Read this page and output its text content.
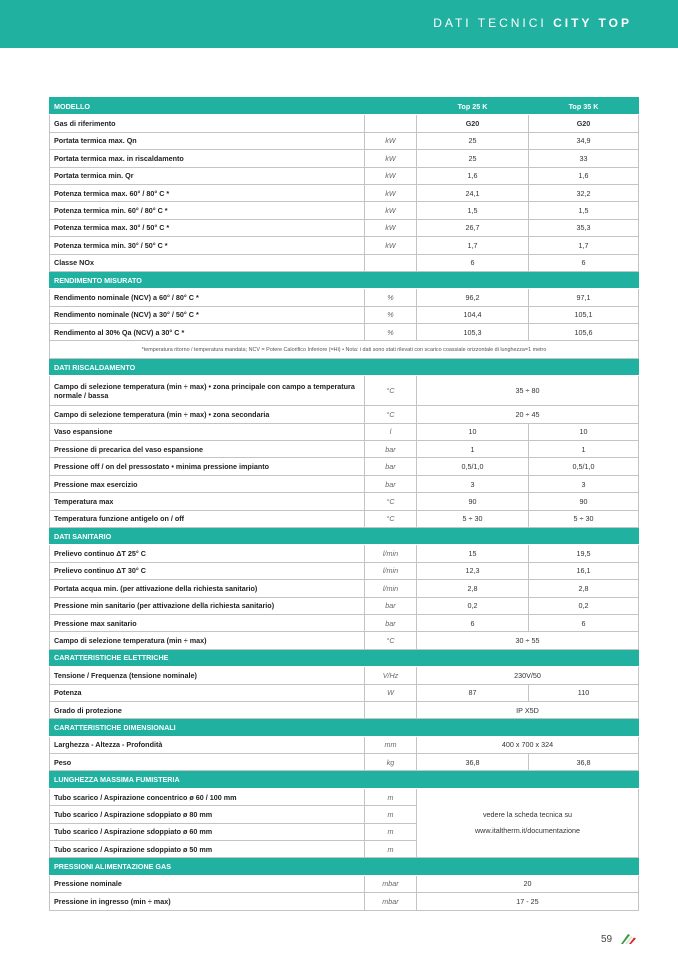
DATI TECNICI CITY TOP
MODELLO		Top 25 K	Top 35 K
Gas di riferimento		G20	G20
Portata termica max. Qn	kW	25	34,9
Portata termica max. in riscaldamento	kW	25	33
Portata termica min. Qr	kW	1,6	1,6
Potenza termica max. 60° / 80° C *	kW	24,1	32,2
Potenza termica min. 60° / 80° C *	kW	1,5	1,5
Potenza termica max. 30° / 50° C *	kW	26,7	35,3
Potenza termica min. 30° / 50° C *	kW	1,7	1,7
Classe NOx		6	6
RENDIMENTO MISURATO			
Rendimento nominale (NCV) a 60° / 80° C *	%	96,2	97,1
Rendimento nominale (NCV) a 30° / 50° C *	%	104,4	105,1
Rendimento al 30% Qa (NCV) a 30° C *	%	105,3	105,6
*temperatura ritorno / temperatura mandata; NCV = Potere Calorifico Inferiore (=Hi) • Nota: i dati sono stati rilevati con scarico coassiale orizzontale di lunghezza=1 metro			
DATI RISCALDAMENTO			
Campo di selezione temperatura (min ÷ max) • zona principale con campo a temperatura normale / bassa	°C	35 ÷ 80	
Campo di selezione temperatura (min ÷ max) • zona secondaria	°C	20 ÷ 45	
Vaso espansione	l	10	10
Pressione di precarica del vaso espansione	bar	1	1
Pressione off / on del pressostato • minima pressione impianto	bar	0,5/1,0	0,5/1,0
Pressione max esercizio	bar	3	3
Temperatura max	°C	90	90
Temperatura funzione antigelo on / off	°C	5 ÷ 30	5 ÷ 30
DATI SANITARIO			
Prelievo continuo ΔT 25° C	l/min	15	19,5
Prelievo continuo ΔT 30° C	l/min	12,3	16,1
Portata acqua min. (per attivazione della richiesta sanitario)	l/min	2,8	2,8
Pressione min sanitario (per attivazione della richiesta sanitario)	bar	0,2	0,2
Pressione max sanitario	bar	6	6
Campo di selezione temperatura (min ÷ max)	°C	30 ÷ 55	
CARATTERISTICHE ELETTRICHE			
Tensione / Frequenza (tensione nominale)	V/Hz	230V/50	
Potenza	W	87	110
Grado di protezione		IP X5D	
CARATTERISTICHE DIMENSIONALI			
Larghezza - Altezza - Profondità	mm	400 x 700 x 324	
Peso	kg	36,8	36,8
LUNGHEZZA MASSIMA FUMISTERIA			
Tubo scarico / Aspirazione concentrico ø 60 / 100 mm	m	vedere la scheda tecnica su
www.italtherm.it/documentazione	

Tubo scarico / Aspirazione sdoppiato ø 80 mm	m		
Tubo scarico / Aspirazione sdoppiato ø 60 mm	m		
Tubo scarico / Aspirazione sdoppiato ø 50 mm	m		
PRESSIONI ALIMENTAZIONE GAS			
Pressione nominale	mbar	20	
Pressione in ingresso (min ÷ max)	mbar	17 - 25	
59
